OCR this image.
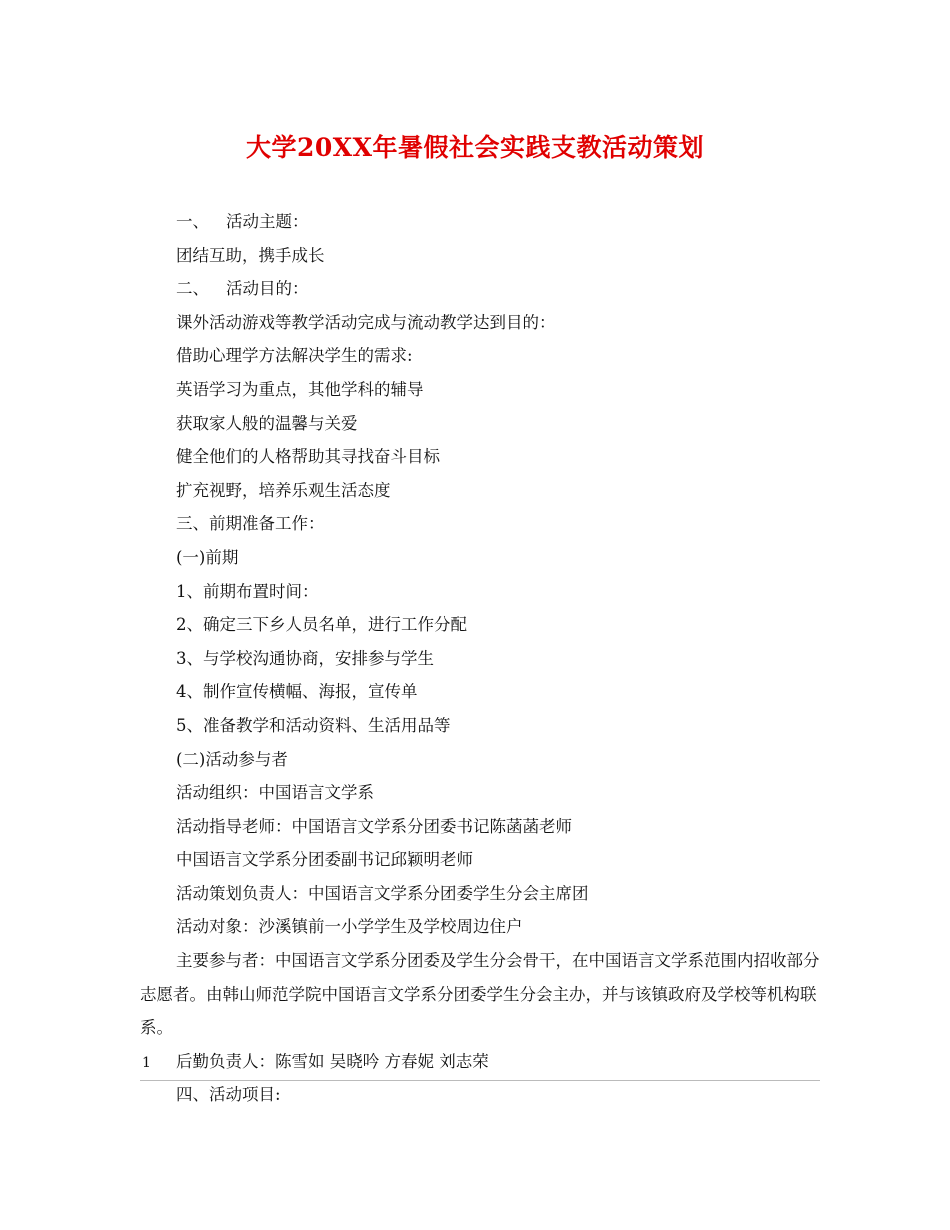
大学20XX年暑假社会实践支教活动策划

一、 活动主题：

团结互助，携手成长

二、 活动目的：

课外活动游戏等教学活动完成与流动教学达到目的：

借助心理学方法解决学生的需求:

英语学习为重点，其他学科的辅导

获取家人般的温馨与关爱

健全他们的人格帮助其寻找奋斗目标

扩充视野，培养乐观生活态度

三、前期准备工作：

(一)前期

1、前期布置时间：

2、确定三下乡人员名单，进行工作分配

3、与学校沟通协商，安排参与学生

4、制作宣传横幅、海报，宣传单

5、准备教学和活动资料、生活用品等

(二)活动参与者

活动组织：中国语言文学系

活动指导老师：中国语言文学系分团委书记陈菡菡老师

中国语言文学系分团委副书记邱颖明老师

活动策划负责人：中国语言文学系分团委学生分会主席团

活动对象：沙溪镇前一小学学生及学校周边住户

主要参与者：中国语言文学系分团委及学生分会骨干，在中国语言文学系范围内招收部分志愿者。由韩山师范学院中国语言文学系分团委学生分会主办，并与该镇政府及学校等机构联系。

后勤负责人：陈雪如 吴晓吟 方春妮 刘志荣

四、活动项目:

1
